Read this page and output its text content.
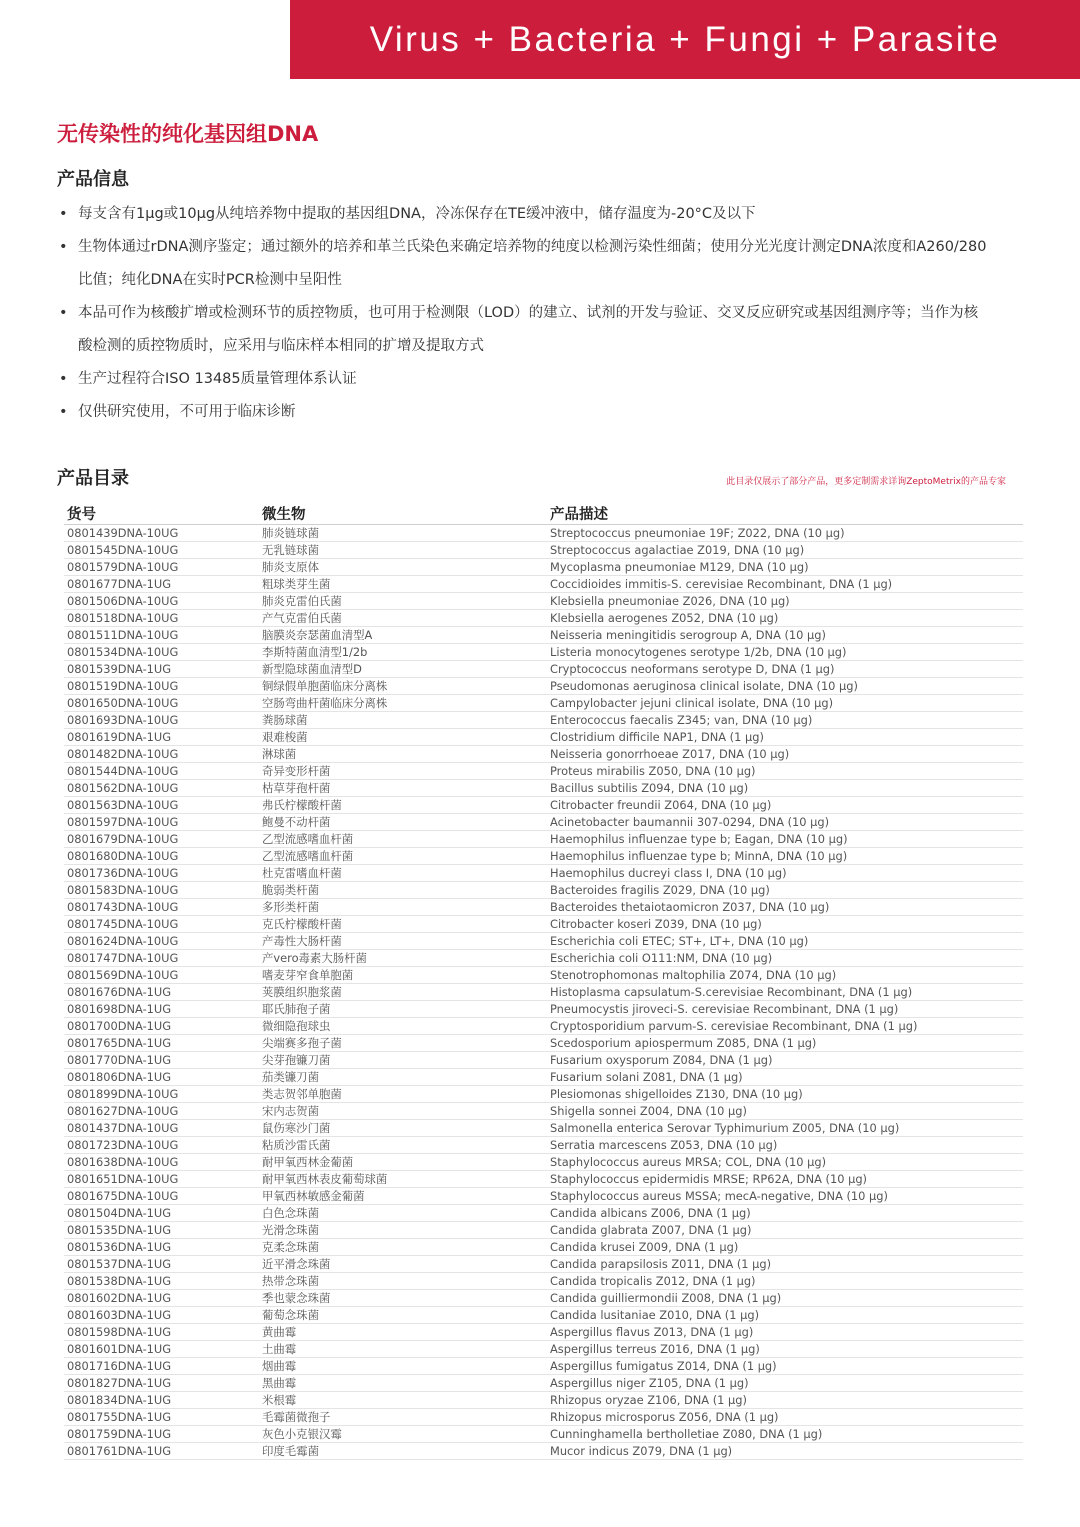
Virus + Bacteria + Fungi + Parasite
无传染性的纯化基因组DNA
产品信息
• 每支含有1μg或10μg从纯培养物中提取的基因组DNA，冷冻保存在TE缓冲液中，储存温度为-20°C及以下
• 生物体通过rDNA测序鉴定；通过额外的培养和革兰氏染色来确定培养物的纯度以检测污染性细菌；使用分光光度计测定DNA浓度和A260/280比值；纯化DNA在实时PCR检测中呈阳性
• 本品可作为核酸扩增或检测环节的质控物质，也可用于检测限（LOD）的建立、试剂的开发与验证、交叉反应研究或基因组测序等；当作为核酸检测的质控物质时，应采用与临床样本相同的扩增及提取方式
• 生产过程符合ISO 13485质量管理体系认证
• 仅供研究使用，不可用于临床诊断
产品目录	此目录仅展示了部分产品，更多定制需求详询ZeptoMetrix的产品专家
货号	微生物	产品描述
0801439DNA-10UG	肺炎链球菌	Streptococcus pneumoniae 19F; Z022, DNA (10 µg)
0801545DNA-10UG	无乳链球菌	Streptococcus agalactiae Z019, DNA (10 µg)
0801579DNA-10UG	肺炎支原体	Mycoplasma pneumoniae M129, DNA (10 µg)
0801677DNA-1UG	粗球类芽生菌	Coccidioides immitis-S. cerevisiae Recombinant, DNA (1 µg)
0801506DNA-10UG	肺炎克雷伯氏菌	Klebsiella pneumoniae Z026, DNA (10 µg)
0801518DNA-10UG	产气克雷伯氏菌	Klebsiella aerogenes Z052, DNA (10 µg)
0801511DNA-10UG	脑膜炎奈瑟菌血清型A	Neisseria meningitidis serogroup A, DNA (10 µg)
0801534DNA-10UG	李斯特菌血清型1/2b	Listeria monocytogenes serotype 1/2b, DNA (10 µg)
0801539DNA-1UG	新型隐球菌血清型D	Cryptococcus neoformans serotype D, DNA (1 µg)
0801519DNA-10UG	铜绿假单胞菌临床分离株	Pseudomonas aeruginosa clinical isolate, DNA (10 µg)
0801650DNA-10UG	空肠弯曲杆菌临床分离株	Campylobacter jejuni clinical isolate, DNA (10 µg)
0801693DNA-10UG	粪肠球菌	Enterococcus faecalis Z345; van, DNA (10 µg)
0801619DNA-1UG	艰难梭菌	Clostridium difficile NAP1, DNA (1 µg)
0801482DNA-10UG	淋球菌	Neisseria gonorrhoeae Z017, DNA (10 µg)
0801544DNA-10UG	奇异变形杆菌	Proteus mirabilis Z050, DNA (10 µg)
0801562DNA-10UG	枯草芽孢杆菌	Bacillus subtilis Z094, DNA (10 µg)
0801563DNA-10UG	弗氏柠檬酸杆菌	Citrobacter freundii Z064, DNA (10 µg)
0801597DNA-10UG	鲍曼不动杆菌	Acinetobacter baumannii 307-0294, DNA (10 µg)
0801679DNA-10UG	乙型流感嗜血杆菌	Haemophilus influenzae type b; Eagan, DNA (10 µg)
0801680DNA-10UG	乙型流感嗜血杆菌	Haemophilus influenzae type b; MinnA, DNA (10 µg)
0801736DNA-10UG	杜克雷嗜血杆菌	Haemophilus ducreyi class I, DNA (10 µg)
0801583DNA-10UG	脆弱类杆菌	Bacteroides fragilis Z029, DNA (10 µg)
0801743DNA-10UG	多形类杆菌	Bacteroides thetaiotaomicron Z037, DNA (10 µg)
0801745DNA-10UG	克氏柠檬酸杆菌	Citrobacter koseri Z039, DNA (10 µg)
0801624DNA-10UG	产毒性大肠杆菌	Escherichia coli ETEC; ST+, LT+, DNA (10 µg)
0801747DNA-10UG	产vero毒素大肠杆菌	Escherichia coli O111:NM, DNA (10 µg)
0801569DNA-10UG	嗜麦芽窄食单胞菌	Stenotrophomonas maltophilia Z074, DNA (10 µg)
0801676DNA-1UG	荚膜组织胞浆菌	Histoplasma capsulatum-S.cerevisiae Recombinant, DNA (1 µg)
0801698DNA-1UG	耶氏肺孢子菌	Pneumocystis jiroveci-S. cerevisiae Recombinant, DNA (1 µg)
0801700DNA-1UG	微细隐孢球虫	Cryptosporidium parvum-S. cerevisiae Recombinant, DNA (1 µg)
0801765DNA-1UG	尖端赛多孢子菌	Scedosporium apiospermum Z085, DNA (1 µg)
0801770DNA-1UG	尖芽孢镰刀菌	Fusarium oxysporum Z084, DNA (1 µg)
0801806DNA-1UG	茄类镰刀菌	Fusarium solani Z081, DNA (1 µg)
0801899DNA-10UG	类志贺邻单胞菌	Plesiomonas shigelloides Z130, DNA (10 µg)
0801627DNA-10UG	宋内志贺菌	Shigella sonnei Z004, DNA (10 µg)
0801437DNA-10UG	鼠伤寒沙门菌	Salmonella enterica Serovar Typhimurium Z005, DNA (10 µg)
0801723DNA-10UG	粘质沙雷氏菌	Serratia marcescens Z053, DNA (10 µg)
0801638DNA-10UG	耐甲氧西林金葡菌	Staphylococcus aureus MRSA; COL, DNA (10 µg)
0801651DNA-10UG	耐甲氧西林表皮葡萄球菌	Staphylococcus epidermidis MRSE; RP62A, DNA (10 µg)
0801675DNA-10UG	甲氧西林敏感金葡菌	Staphylococcus aureus MSSA; mecA-negative, DNA (10 µg)
0801504DNA-1UG	白色念珠菌	Candida albicans Z006, DNA (1 µg)
0801535DNA-1UG	光滑念珠菌	Candida glabrata Z007, DNA (1 µg)
0801536DNA-1UG	克柔念珠菌	Candida krusei Z009, DNA (1 µg)
0801537DNA-1UG	近平滑念珠菌	Candida parapsilosis Z011, DNA (1 µg)
0801538DNA-1UG	热带念珠菌	Candida tropicalis Z012, DNA (1 µg)
0801602DNA-1UG	季也蒙念珠菌	Candida guilliermondii Z008, DNA (1 µg)
0801603DNA-1UG	葡萄念珠菌	Candida lusitaniae Z010, DNA (1 µg)
0801598DNA-1UG	黄曲霉	Aspergillus flavus Z013, DNA (1 µg)
0801601DNA-1UG	土曲霉	Aspergillus terreus Z016, DNA (1 µg)
0801716DNA-1UG	烟曲霉	Aspergillus fumigatus Z014, DNA (1 µg)
0801827DNA-1UG	黑曲霉	Aspergillus niger Z105, DNA (1 µg)
0801834DNA-1UG	米根霉	Rhizopus oryzae Z106, DNA (1 µg)
0801755DNA-1UG	毛霉菌微孢子	Rhizopus microsporus Z056, DNA (1 µg)
0801759DNA-1UG	灰色小克银汉霉	Cunninghamella bertholletiae Z080, DNA (1 µg)
0801761DNA-1UG	印度毛霉菌	Mucor indicus Z079, DNA (1 µg)
